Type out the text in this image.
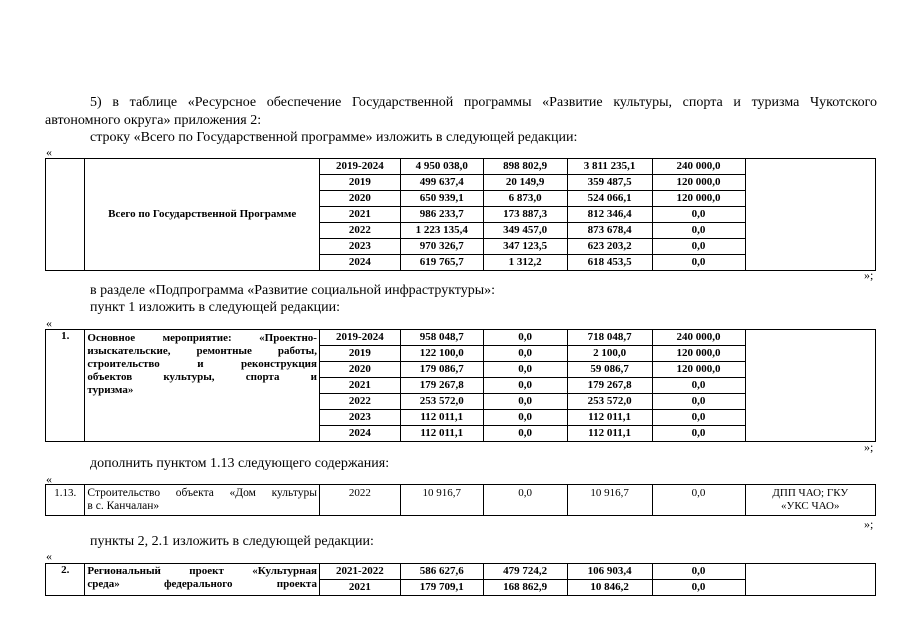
5) в таблице «Ресурсное обеспечение Государственной программы «Развитие культуры, спорта и туризма Чукотского
автономного округа» приложения 2:
строку «Всего по Государственной программе» изложить в следующей редакции:
«
	Всего по Государственной Программе	2019-2024	4 950 038,0	898 802,9	3 811 235,1	240 000,0	
		2019	499 637,4	20 149,9	359 487,5	120 000,0	
		2020	650 939,1	6 873,0	524 066,1	120 000,0	
		2021	986 233,7	173 887,3	812 346,4	0,0	
		2022	1 223 135,4	349 457,0	873 678,4	0,0	
		2023	970 326,7	347 123,5	623 203,2	0,0	
		2024	619 765,7	1 312,2	618 453,5	0,0	
»;
в разделе «Подпрограмма «Развитие социальной инфраструктуры»:
пункт 1 изложить в следующей редакции:
«
1.	Основное мероприятие: «Проектно-
изыскательские, ремонтные работы,
строительство и реконструкция
объектов культуры, спорта и
туризма»	2019-2024	958 048,7	0,0	718 048,7	240 000,0	
		2019	122 100,0	0,0	2 100,0	120 000,0	
		2020	179 086,7	0,0	59 086,7	120 000,0	
		2021	179 267,8	0,0	179 267,8	0,0	
		2022	253 572,0	0,0	253 572,0	0,0	
		2023	112 011,1	0,0	112 011,1	0,0	
		2024	112 011,1	0,0	112 011,1	0,0	
»;
дополнить пунктом 1.13 следующего содержания:
«
1.13.	Строительство объекта «Дом культуры
в с. Канчалан»
	2022	10 916,7	0,0	10 916,7	0,0	ДПП ЧАО; ГКУ
«УКС ЧАО»
»;
пункты 2, 2.1 изложить в следующей редакции:
«
2.	Региональный проект «Культурная
среда» федерального проекта	2021-2022	586 627,6	479 724,2	106 903,4	0,0	
		2021	179 709,1	168 862,9	10 846,2	0,0	
